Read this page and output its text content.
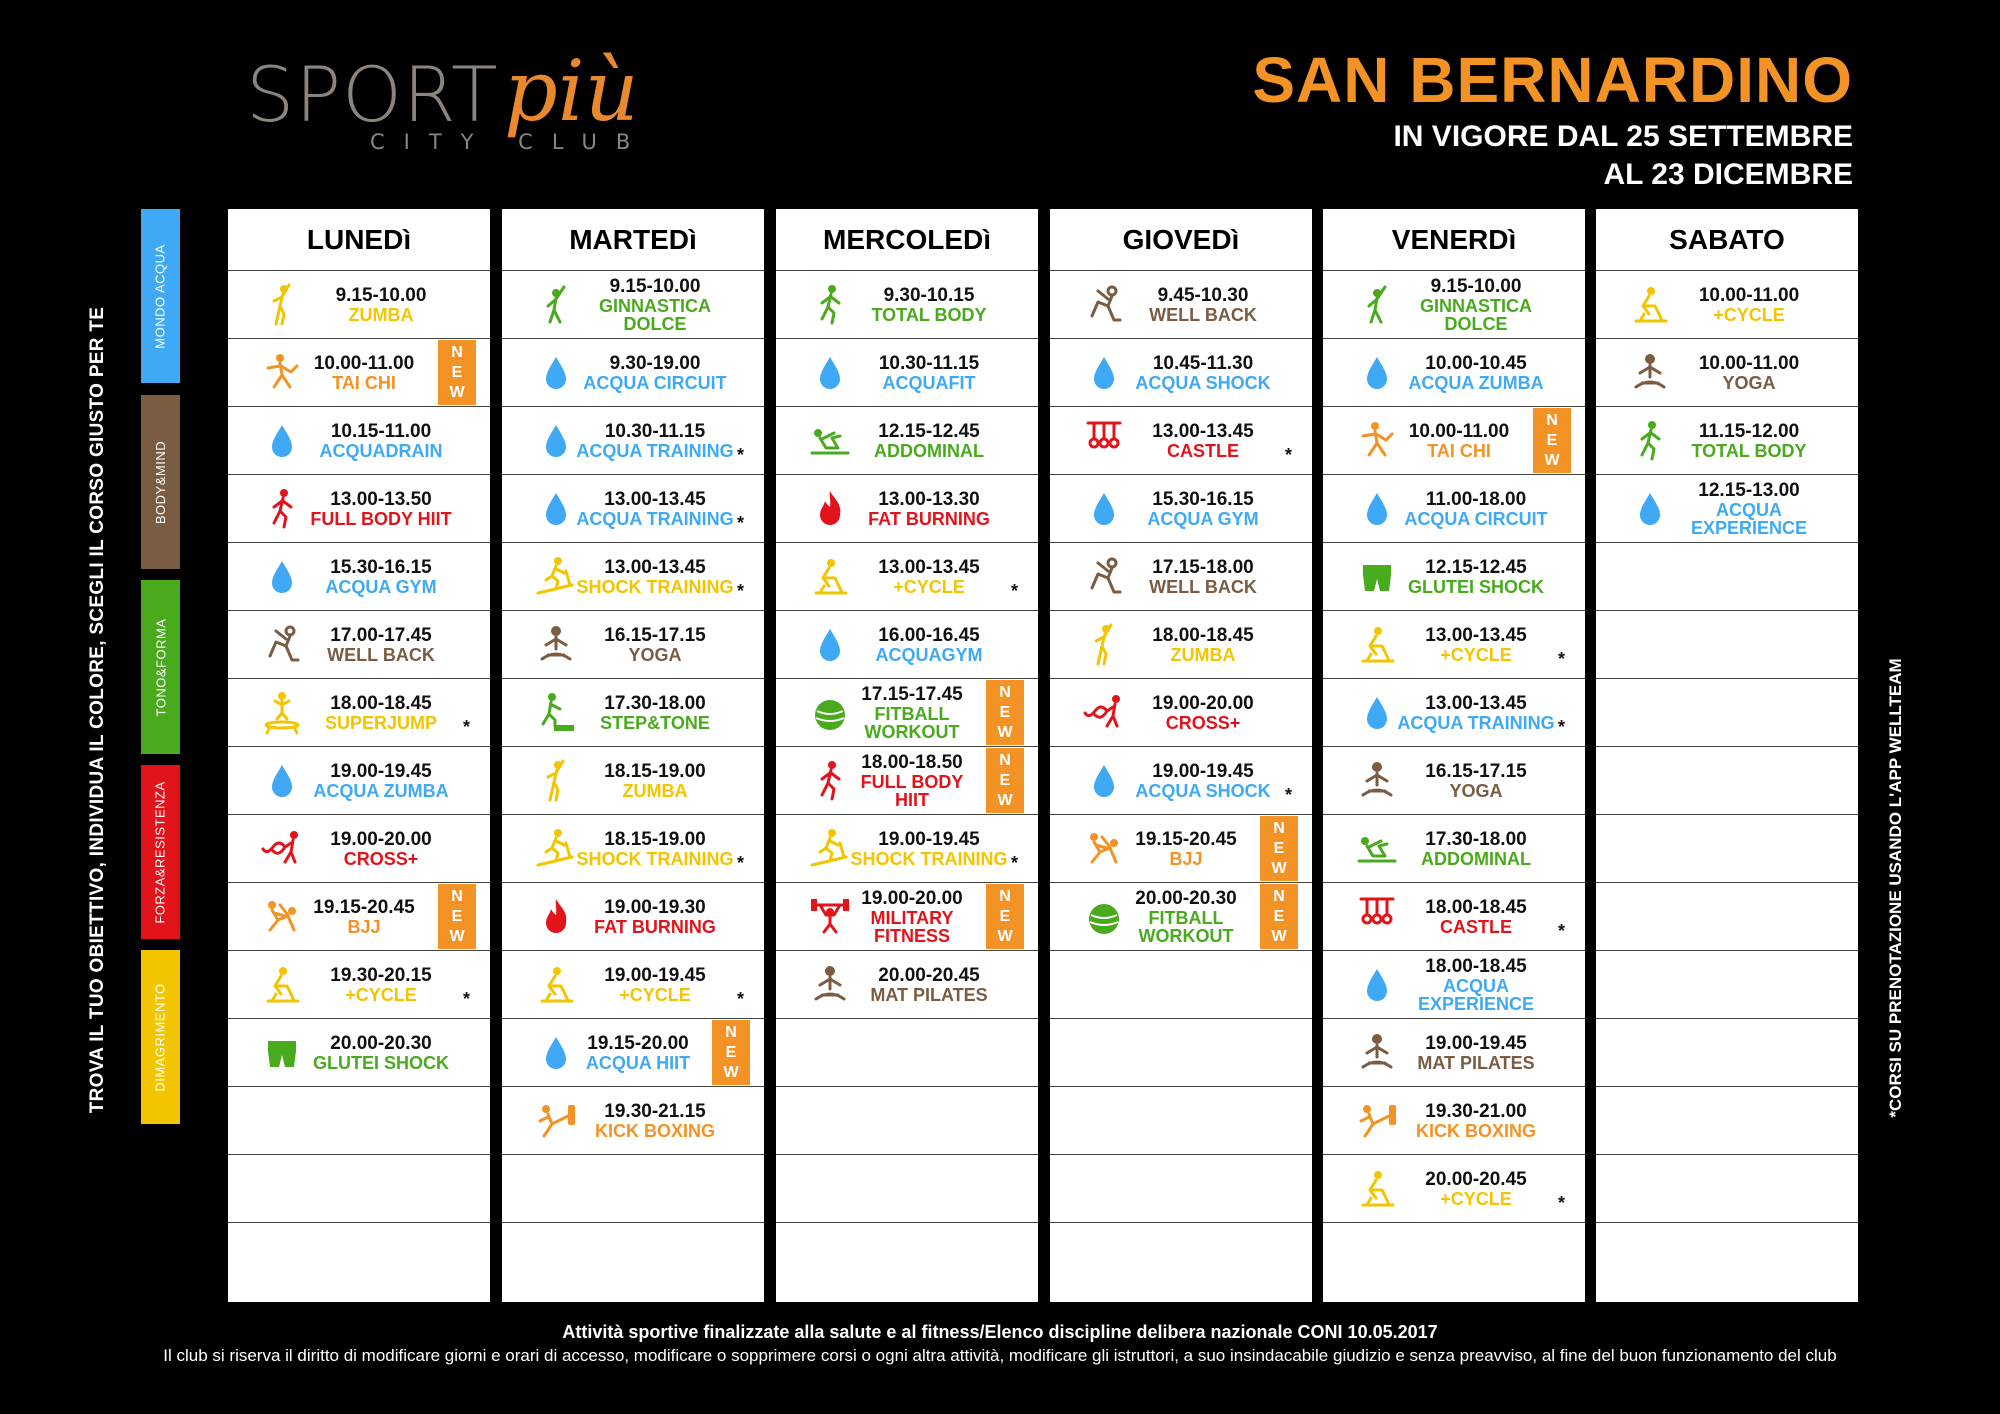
SPORT più
CITY CLUB
SAN BERNARDINO
IN VIGORE DAL 25 SETTEMBRE
AL 23 DICEMBRE
TROVA IL TUO OBIETTIVO, INDIVIDUA IL COLORE, SCEGLI IL CORSO GIUSTO PER TE
MONDO ACQUA
BODY&MIND
TONO&FORMA
FORZA&RESISTENZA
DIMAGRIMENTO	*CORSI SU PRENOTAZIONE USANDO L'APP WELLTEAM
LUNEDì
9.15-10.00
ZUMBA
10.00-11.00
TAI CHI
N
E
W
10.15-11.00
ACQUADRAIN
13.00-13.50
FULL BODY HIIT
15.30-16.15
ACQUA GYM
17.00-17.45
WELL BACK
18.00-18.45
SUPERJUMP *
19.00-19.45
ACQUA ZUMBA
19.00-20.00
CROSS+
19.15-20.45
BJJ
N
E
W
19.30-20.15
+CYCLE	*
20.00-20.30
GLUTEI SHOCK
MARTEDì
9.15-10.00
GINNASTICA DOLCE
9.30-19.00
ACQUA CIRCUIT
10.30-11.15
ACQUA TRAINING *
13.00-13.45
ACQUA TRAINING *
13.00-13.45
SHOCK TRAINING *
16.15-17.15
YOGA
17.30-18.00
STEP&TONE
18.15-19.00
ZUMBA
18.15-19.00
SHOCK TRAINING *
19.00-19.30
FAT BURNING
19.00-19.45
+CYCLE	*
19.15-20.00
ACQUA HIIT
N
E
W
19.30-21.15
KICK BOXING
MERCOLEDì
9.30-10.15
TOTAL BODY
10.30-11.15
ACQUAFIT
12.15-12.45
ADDOMINAL
13.00-13.30
FAT BURNING
13.00-13.45
+CYCLE	*
16.00-16.45
ACQUAGYM
17.15-17.45
FITBALL WORKOUT
N
E
W
18.00-18.50
FULL BODY HIIT
N
E
W
19.00-19.45
SHOCK TRAINING *
19.00-20.00
MILITARY FITNESS
N
E
W
20.00-20.45
MAT PILATES
GIOVEDì
9.45-10.30
WELL BACK
10.45-11.30
ACQUA SHOCK
13.00-13.45
CASTLE	*
15.30-16.15
ACQUA GYM
17.15-18.00
WELL BACK
18.00-18.45
ZUMBA
19.00-20.00
CROSS+
19.00-19.45
ACQUA SHOCK *
19.15-20.45
BJJ
N
E
W
20.00-20.30
FITBALL WORKOUT
N
E
W
VENERDì
9.15-10.00
GINNASTICA DOLCE
10.00-10.45
ACQUA ZUMBA
10.00-11.00
TAI CHI
N
E
W
11.00-18.00
ACQUA CIRCUIT
12.15-12.45
GLUTEI SHOCK
13.00-13.45
+CYCLE	*
13.00-13.45
ACQUA TRAINING *
16.15-17.15
YOGA
17.30-18.00
ADDOMINAL
18.00-18.45
CASTLE	*
18.00-18.45
ACQUA EXPERIENCE
19.00-19.45
MAT PILATES
19.30-21.00
KICK BOXING
20.00-20.45
+CYCLE	*
SABATO
10.00-11.00
+CYCLE
10.00-11.00
YOGA
11.15-12.00
TOTAL BODY
12.15-13.00
ACQUA EXPERIENCE
Attività sportive finalizzate alla salute e al fitness/Elenco discipline delibera nazionale CONI 10.05.2017
Il club si riserva il diritto di modificare giorni e orari di accesso, modificare o sopprimere corsi o ogni altra attività, modificare gli istruttori, a suo insindacabile giudizio e senza preavviso, al fine del buon funzionamento del club
